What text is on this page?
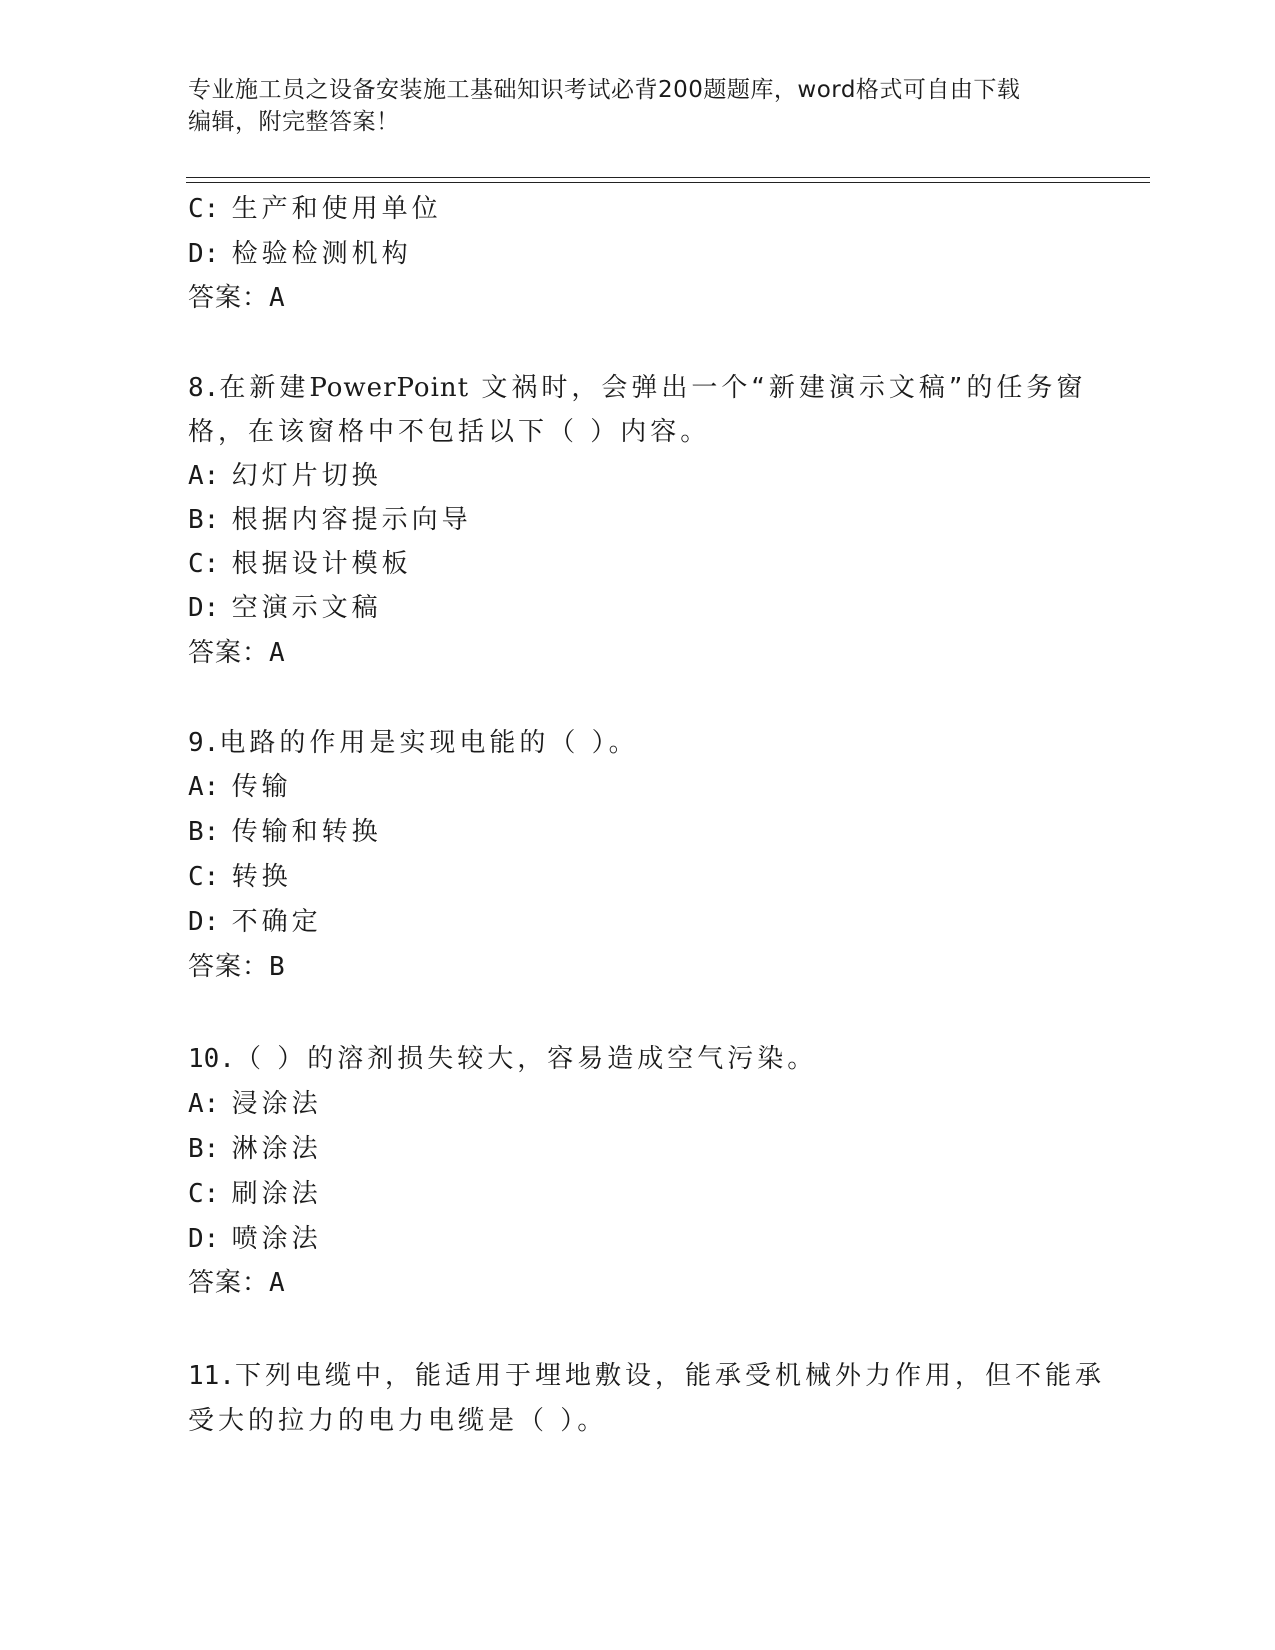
专业施工员之设备安装施工基础知识考试必背200题题库，word格式可自由下载
编辑，附完整答案！
C: 生产和使用单位
D: 检验检测机构
答案：A
8.在新建PowerPoint 文祸时，会弹出一个“新建演示文稿”的任务窗
格，在该窗格中不包括以下（ ）内容。
A: 幻灯片切换
B: 根据内容提示向导
C: 根据设计模板
D: 空演示文稿
答案：A
9.电路的作用是实现电能的（ ）。
A: 传输
B: 传输和转换
C: 转换
D: 不确定
答案：B
10.（ ）的溶剂损失较大，容易造成空气污染。
A: 浸涂法
B: 淋涂法
C: 刷涂法
D: 喷涂法
答案：A
11.下列电缆中，能适用于埋地敷设，能承受机械外力作用，但不能承
受大的拉力的电力电缆是（ ）。
